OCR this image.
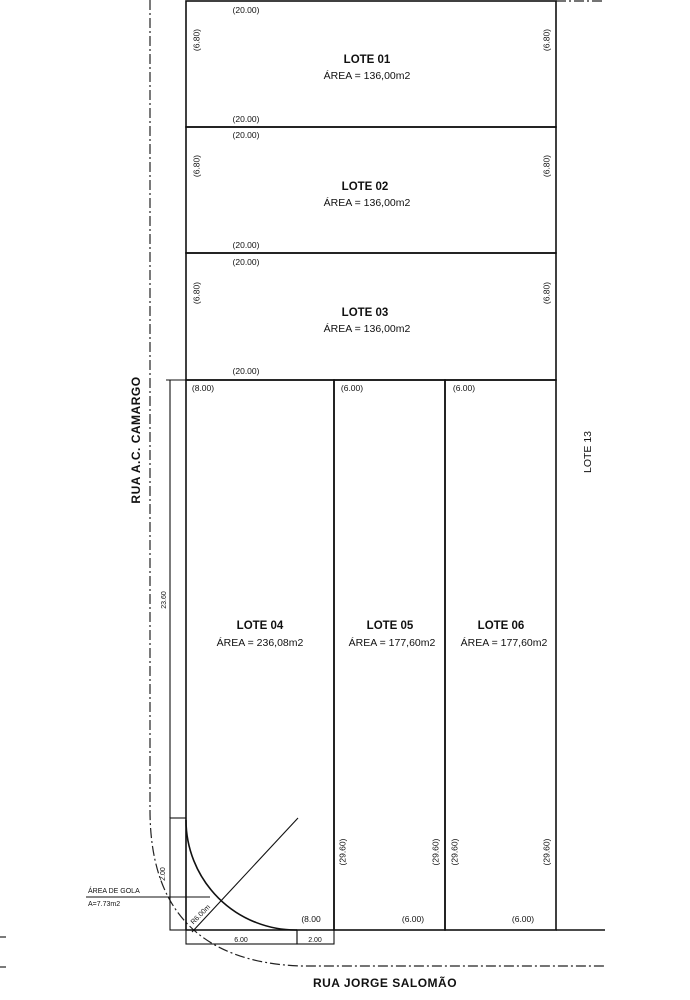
(20.00)
(20.00)
(6.80)	(6.80)
LOTE 01
ÁREA = 136,00m2
(20.00)
(20.00)
(6.80)	(6.80)
LOTE 02
ÁREA = 136,00m2
(20.00)
(20.00)
(6.80)	(6.80)
LOTE 03
ÁREA = 136,00m2
(8.00)
(8.00
LOTE 04
ÁREA = 236,08m2
(6.00)
(6.00)
(29.60)	(29.60)
LOTE 05
ÁREA = 177,60m2
(6.00)
(6.00)
(29.60)	(29.60)
LOTE 06
ÁREA = 177,60m2
RUA A.C. CAMARGO
RUA JORGE SALOMÃO
LOTE 13
ÁREA DE GOLA
A=7.73m2
23.60
2.00
R6.00m
6.00	2.00
